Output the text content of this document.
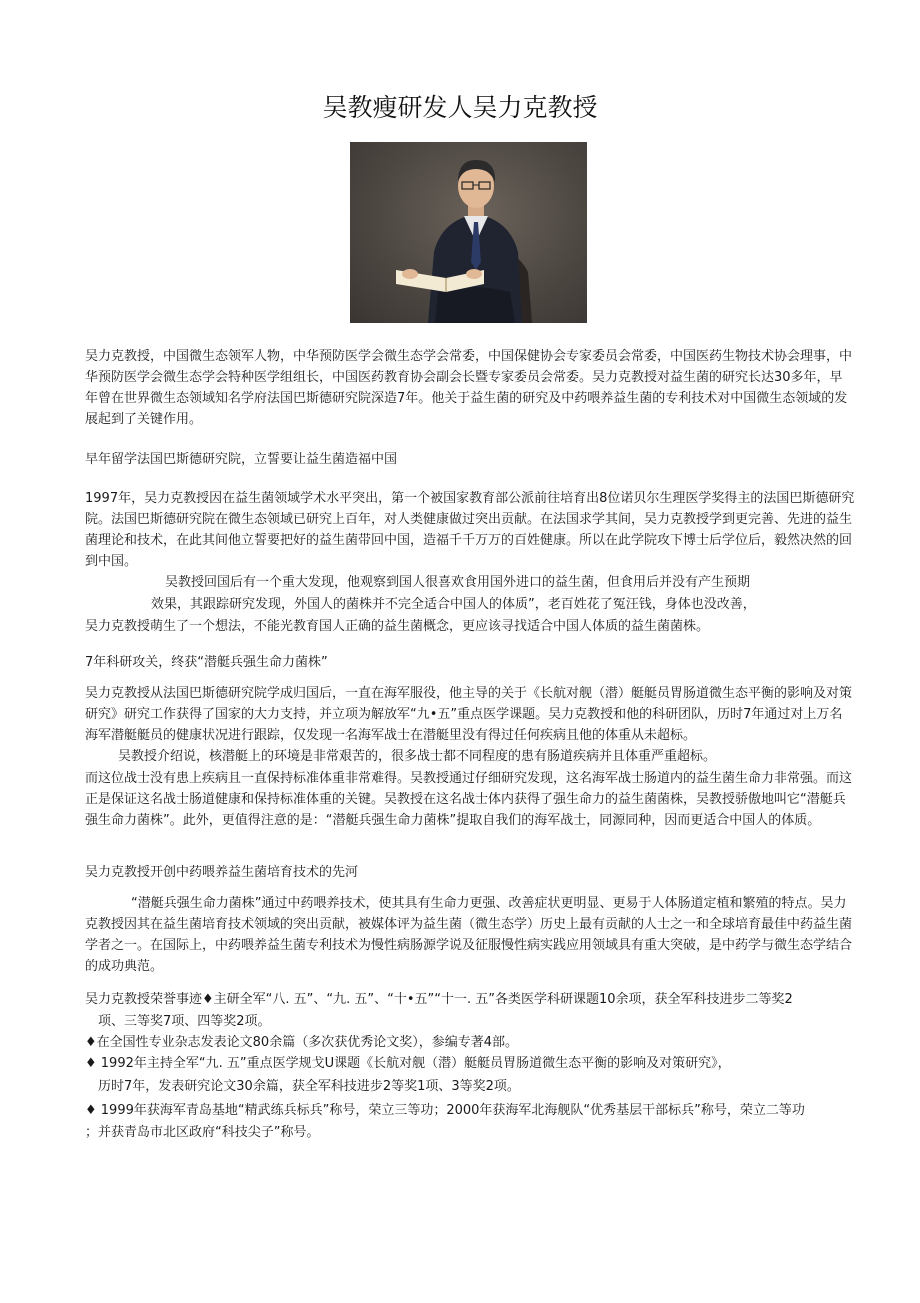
吴教瘦研发人吴力克教授

吴力克教授，中国微生态领军人物，中华预防医学会微生态学会常委，中国保健协会专家委员会常委，中国医药生物技术协会理事，中华预防医学会微生态学会特种医学组组长，中国医药教育协会副会长暨专家委员会常委。吴力克教授对益生菌的研究长达30多年，早年曾在世界微生态领域知名学府法国巴斯德研究院深造7年。他关于益生菌的研究及中药喂养益生菌的专利技术对中国微生态领域的发展起到了关键作用。

早年留学法国巴斯德研究院，立誓要让益生菌造福中国

1997年，吴力克教授因在益生菌领域学术水平突出，第一个被国家教育部公派前往培育出8位诺贝尔生理医学奖得主的法国巴斯德研究院。法国巴斯德研究院在微生态领域已研究上百年，对人类健康做过突出贡献。在法国求学其间，吴力克教授学到更完善、先进的益生菌理论和技术，在此其间他立誓要把好的益生菌带回中国，造福千千万万的百姓健康。所以在此学院攻下博士后学位后，毅然决然的回到中国。

吴教授回国后有一个重大发现，他观察到国人很喜欢食用国外进口的益生菌，但食用后并没有产生预期

效果，其跟踪研究发现，外国人的菌株并不完全适合中国人的体质”，老百姓花了冤汪钱，身体也没改善，

吴力克教授萌生了一个想法，不能光教育国人正确的益生菌概念，更应该寻找适合中国人体质的益生菌菌株。

7年科研攻关，终获“潜艇兵强生命力菌株”

吴力克教授从法国巴斯德研究院学成归国后，一直在海军服役，他主导的关于《长航对舰（潜）艇艇员胃肠道微生态平衡的影响及对策研究》研究工作获得了国家的大力支持，并立项为解放军“九•五”重点医学课题。吴力克教授和他的科研团队，历时7年通过对上万名海军潜艇艇员的健康状况进行跟踪，仅发现一名海军战士在潜艇里没有得过任何疾病且他的体重从未超标。

吴教授介绍说，核潜艇上的环境是非常艰苦的，很多战士都不同程度的患有肠道疾病并且体重严重超标。

而这位战士没有患上疾病且一直保持标准体重非常难得。吴教授通过仔细研究发现，这名海军战士肠道内的益生菌生命力非常强。而这正是保证这名战士肠道健康和保持标准体重的关键。吴教授在这名战士体内获得了强生命力的益生菌菌株，吴教授骄傲地叫它“潜艇兵强生命力菌株”。此外，更值得注意的是：“潜艇兵强生命力菌株”提取自我们的海军战士，同源同种，因而更适合中国人的体质。

吴力克教授开创中药喂养益生菌培育技术的先河

“潜艇兵强生命力菌株”通过中药喂养技术，使其具有生命力更强、改善症状更明显、更易于人体肠道定植和繁殖的特点。吴力克教授因其在益生菌培育技术领域的突出贡献，被媒体评为益生菌（微生态学）历史上最有贡献的人士之一和全球培育最佳中药益生菌学者之一。在国际上，中药喂养益生菌专利技术为慢性病肠源学说及征服慢性病实践应用领域具有重大突破，是中药学与微生态学结合的成功典范。

吴力克教授荣誉事迹♦主研全军“八. 五”、“九. 五”、“十•五”“十一. 五”各类医学科研课题10余项，获全军科技进步二等奖2

项、三等奖7项、四等奖2项。

♦在全国性专业杂志发表论文80余篇（多次获优秀论文奖），参编专著4部。

♦ 1992年主持全军“九. 五”重点医学规戈U课题《长航对舰（潜）艇艇员胃肠道微生态平衡的影响及对策研究》，

历时7年，发表研究论文30余篇，获全军科技进步2等奖1项、3等奖2项。

♦ 1999年获海军青岛基地“精武练兵标兵”称号，荣立三等功；2000年获海军北海舰队“优秀基层干部标兵”称号，荣立二等功

；并获青岛市北区政府“科技尖子”称号。
